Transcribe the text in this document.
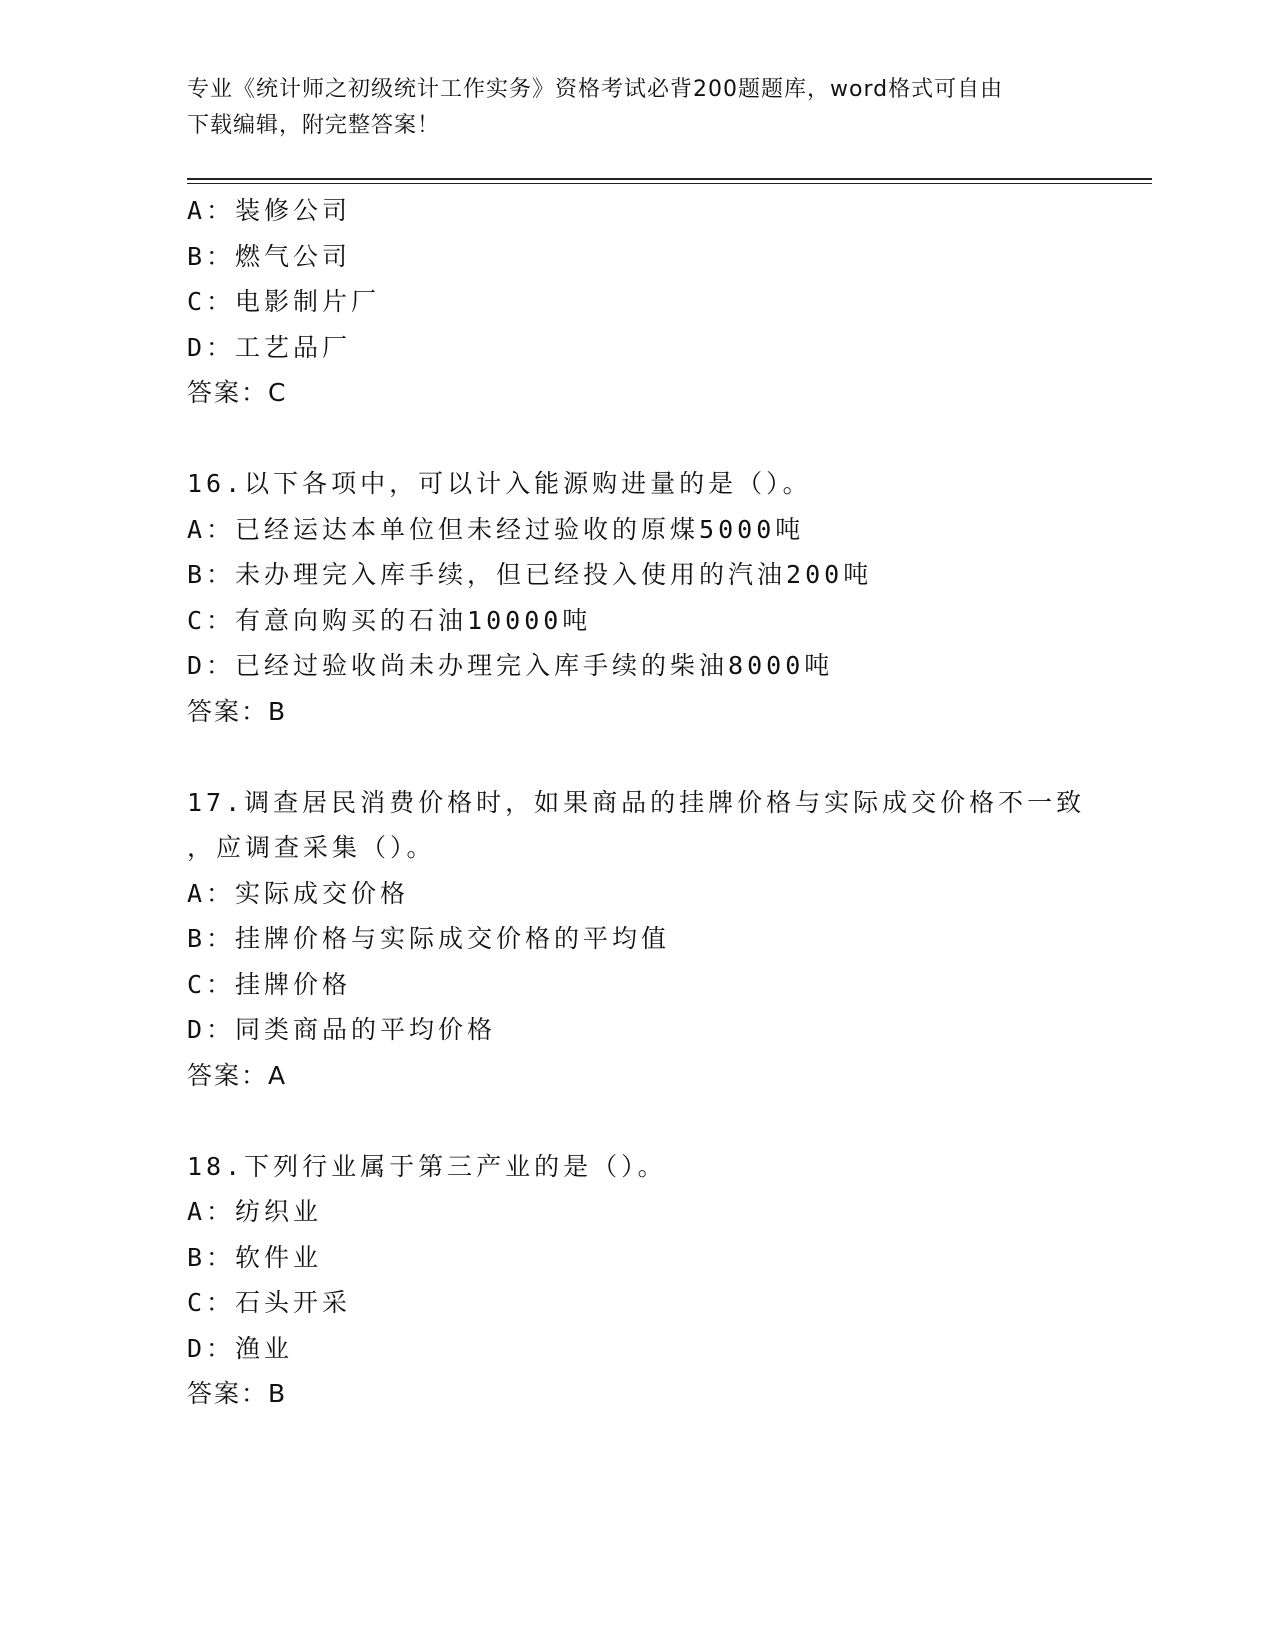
专业《统计师之初级统计工作实务》资格考试必背200题题库，word格式可自由
下载编辑，附完整答案！
A：装修公司
B：燃气公司
C：电影制片厂
D：工艺品厂
答案：C
16.以下各项中，可以计入能源购进量的是（）。
A：已经运达本单位但未经过验收的原煤5000吨
B：未办理完入库手续，但已经投入使用的汽油200吨
C：有意向购买的石油10000吨
D：已经过验收尚未办理完入库手续的柴油8000吨
答案：B
17.调查居民消费价格时，如果商品的挂牌价格与实际成交价格不一致
，应调查采集（）。
A：实际成交价格
B：挂牌价格与实际成交价格的平均值
C：挂牌价格
D：同类商品的平均价格
答案：A
18.下列行业属于第三产业的是（）。
A：纺织业
B：软件业
C：石头开采
D：渔业
答案：B
